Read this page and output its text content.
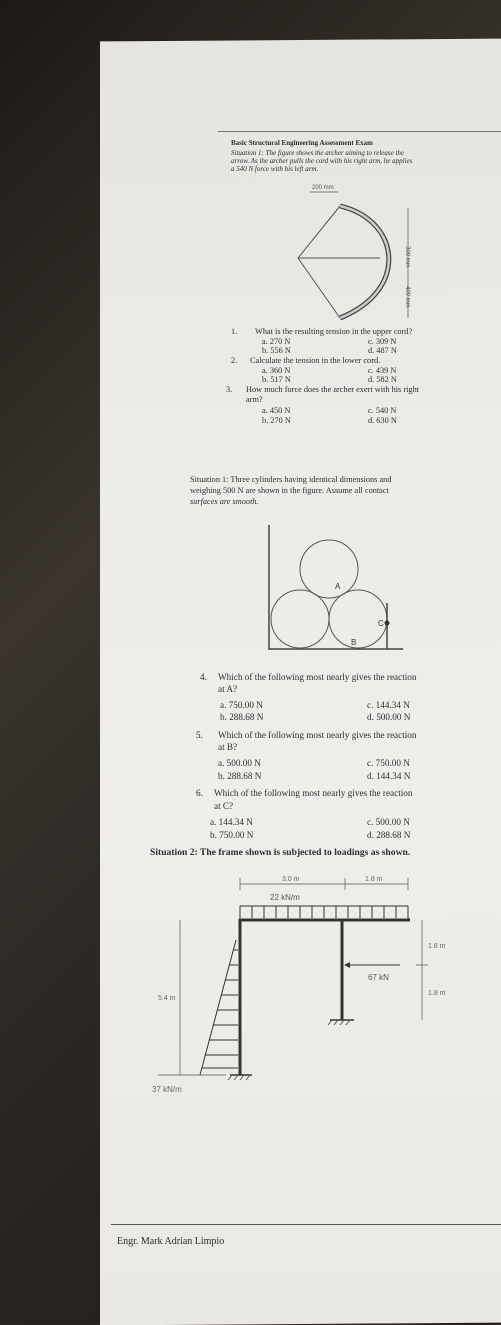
Basic Structural Engineering Assessment Exam
Situation 1: The figure shows the archer aiming to release the
arrow. As the archer pulls the cord with his right arm, he applies
a 540 N force with his left arm.
200 mm
300 mm
400 mm
1. What is the resulting tension in the upper cord?
a. 270 N	c. 309 N
b. 556 N	d. 487 N
2. Calculate the tension in the lower cord.
a. 360 N	c. 439 N
b. 517 N	d. 582 N
3. How much force does the archer exert with his right
arm?
a. 450 N	c. 540 N
b. 270 N	d. 630 N
Situation 1: Three cylinders having identical dimensions and
weighing 500 N are shown in the figure. Assume all contact
surfaces are smooth.
A
B
C
4. Which of the following most nearly gives the reaction
at A?
a. 750.00 N	c. 144.34 N
b. 288.68 N	d. 500.00 N
5. Which of the following most nearly gives the reaction
at B?
a. 500.00 N	c. 750.00 N
b. 288.68 N	d. 144.34 N
6. Which of the following most nearly gives the reaction
at C?
a. 144.34 N	c. 500.00 N
b. 750.00 N	d. 288.68 N
Situation 2: The frame shown is subjected to loadings as shown.
3.0 m	1.8 m
22 kN/m
67 kN
1.8 m
1.8 m
5.4 m
37 kN/m
Engr. Mark Adrian Limpio
